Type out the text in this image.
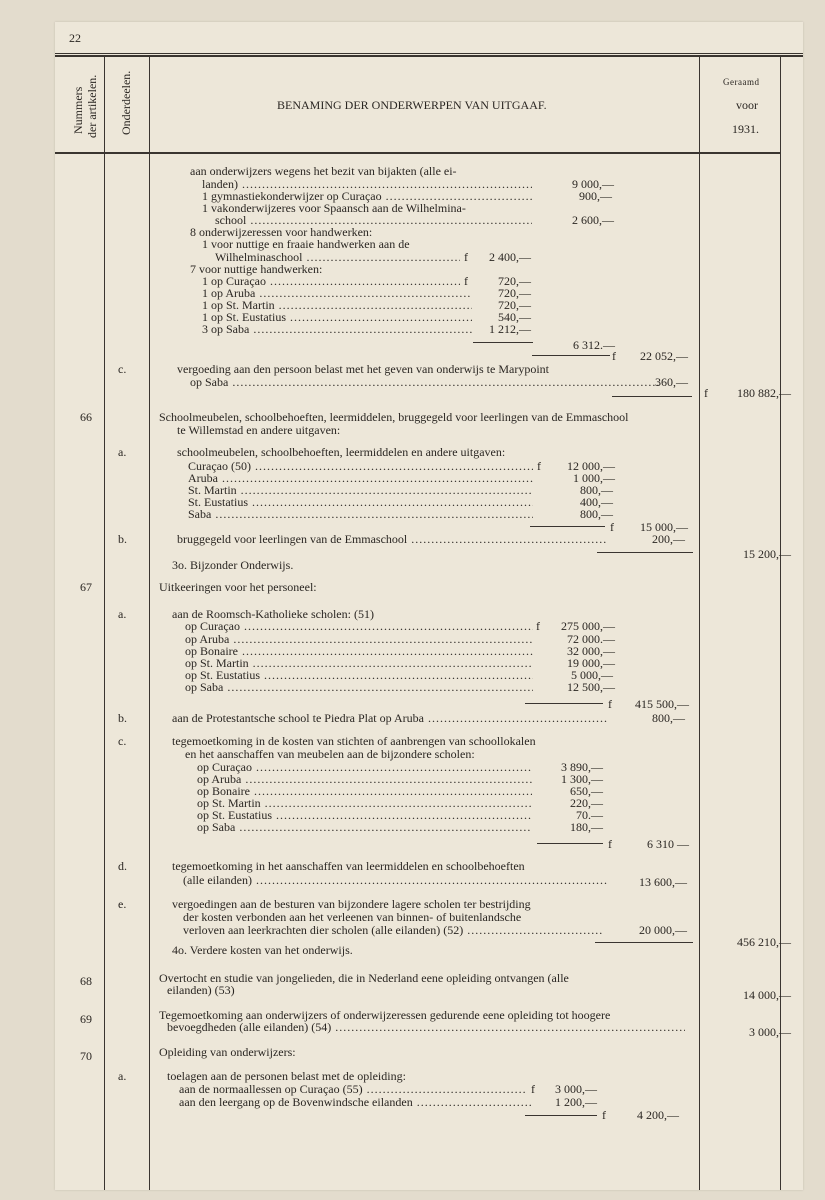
22
Nummers der artikelen. Onderdeelen.	BENAMING DER ONDERWERPEN VAN UITGAAF.
Geraamd
voor
1931.
aan onderwijzers wegens het bezit van bijakten (alle ei-
landen) .....	9 000,—
1 gymnastiekonderwijzer op Curaçao .....	900,—
1 vakonderwijzeres voor Spaansch aan de Wilhelmina-
school .....	2 600,—
8 onderwijzeressen voor handwerken:
1 voor nuttige en fraaie handwerken aan de
Wilhelminaschool .....	f	2 400,—
7 voor nuttige handwerken:
1 op Curaçao .....	f	720,—
1 op Aruba .....	720,—
1 op St. Martin .....	720,—
1 op St. Eustatius .....	540,—
3 op Saba .....	1 212,—
6 312.—
f	22 052,—
c.	vergoeding aan den persoon belast met het geven van onderwijs te Marypoint
op Saba .....	360,—
f	180 882,—
66	Schoolmeubelen, schoolbehoeften, leermiddelen, bruggegeld voor leerlingen van de Emmaschool
te Willemstad en andere uitgaven:
a.	schoolmeubelen, schoolbehoeften, leermiddelen en andere uitgaven:
Curaçao (50) .....	f	12 000,—
Aruba .....	1 000,—
St. Martin .....	800,—
St. Eustatius .....	400,—
Saba .....	800,—
f	15 000,—
b.	bruggegeld voor leerlingen van de Emmaschool .....	200,—
15 200,—
3o. Bijzonder Onderwijs.
67	Uitkeeringen voor het personeel:
a.	aan de Roomsch-Katholieke scholen: (51)
op Curaçao .....	f	275 000,—
op Aruba .....	72 000.—
op Bonaire .....	32 000,—
op St. Martin .....	19 000,—
op St. Eustatius .....	5 000,—
op Saba .....	12 500,—
f	415 500,—
b.	aan de Protestantsche school te Piedra Plat op Aruba .....	800,—
c.	tegemoetkoming in de kosten van stichten of aanbrengen van schoollokalen
en het aanschaffen van meubelen aan de bijzondere scholen:
op Curaçao .....	3 890,—
op Aruba .....	1 300,—
op Bonaire .....	650,—
op St. Martin .....	220,—
op St. Eustatius .....	70.—
op Saba .....	180,—
f	6 310 —
d.	tegemoetkoming in het aanschaffen van leermiddelen en schoolbehoeften
(alle eilanden) .....	13 600,—
e.	vergoedingen aan de besturen van bijzondere lagere scholen ter bestrijding
der kosten verbonden aan het verleenen van binnen- of buitenlandsche
verloven aan leerkrachten dier scholen (alle eilanden) (52) .....	20 000,—
456 210,—
4o. Verdere kosten van het onderwijs.
68	Overtocht en studie van jongelieden, die in Nederland eene opleiding ontvangen (alle
eilanden) (53)	14 000,—
69	Tegemoetkoming aan onderwijzers of onderwijzeressen gedurende eene opleiding tot hoogere
bevoegdheden (alle eilanden) (54) .....	3 000,—
70	Opleiding van onderwijzers:
a.	toelagen aan de personen belast met de opleiding:
aan de normaallessen op Curaçao (55) .....	f	3 000,—
aan den leergang op de Bovenwindsche eilanden .....	1 200,—
f	4 200,—
